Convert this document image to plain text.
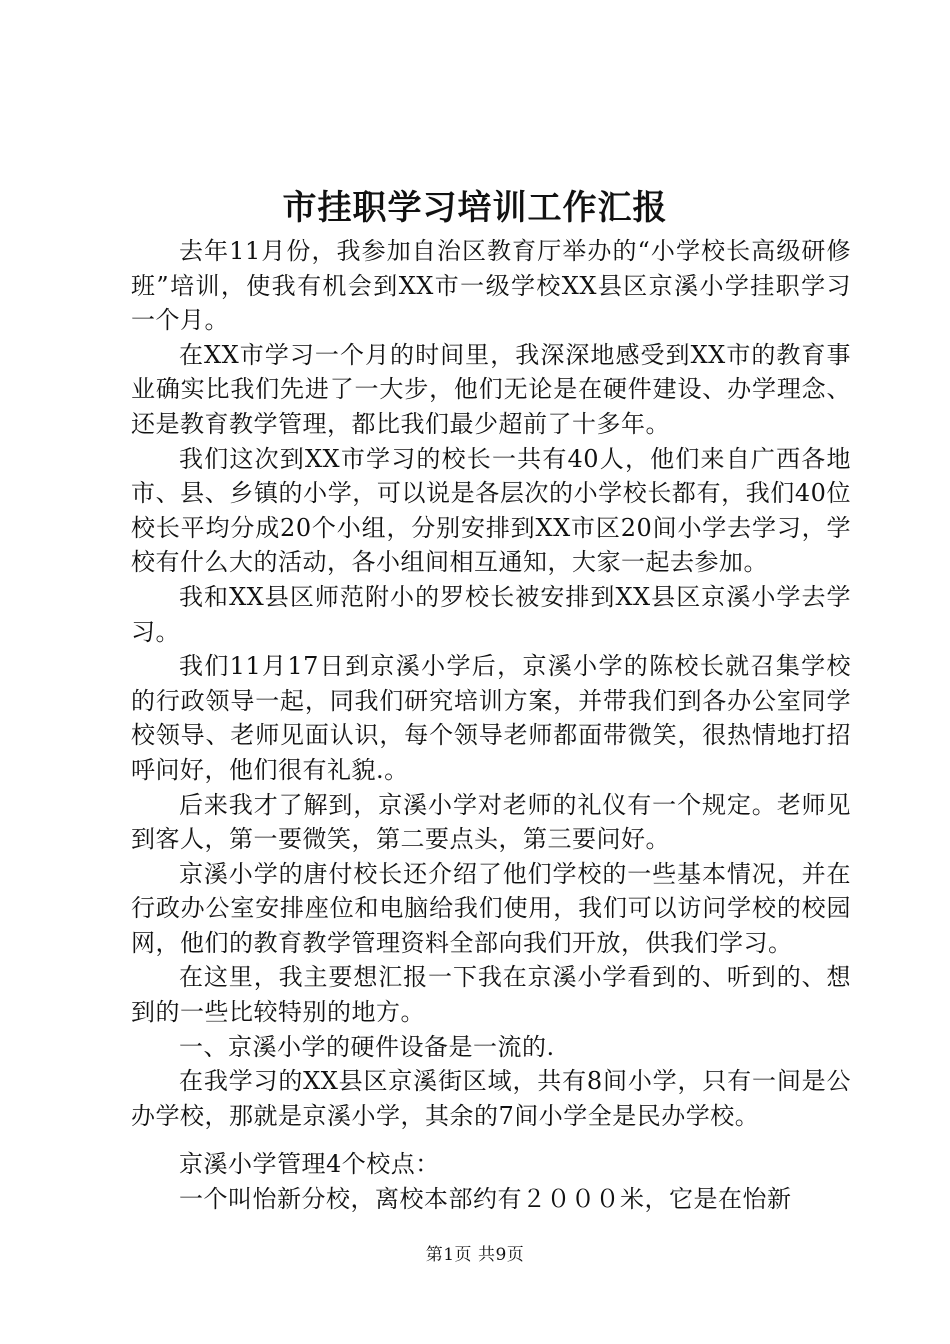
市挂职学习培训工作汇报

去年11月份，我参加自治区教育厅举办的“小学校长高级研修班”培训，使我有机会到XX市一级学校XX县区京溪小学挂职学习一个月。

在XX市学习一个月的时间里，我深深地感受到XX市的教育事业确实比我们先进了一大步，他们无论是在硬件建设、办学理念、还是教育教学管理，都比我们最少超前了十多年。

我们这次到XX市学习的校长一共有40人，他们来自广西各地市、县、乡镇的小学，可以说是各层次的小学校长都有，我们40位校长平均分成20个小组，分别安排到XX市区20间小学去学习，学校有什么大的活动，各小组间相互通知，大家一起去参加。

我和XX县区师范附小的罗校长被安排到XX县区京溪小学去学习。

我们11月17日到京溪小学后，京溪小学的陈校长就召集学校的行政领导一起，同我们研究培训方案，并带我们到各办公室同学校领导、老师见面认识，每个领导老师都面带微笑，很热情地打招呼问好，他们很有礼貌.。

后来我才了解到，京溪小学对老师的礼仪有一个规定。老师见到客人，第一要微笑，第二要点头，第三要问好。

京溪小学的唐付校长还介绍了他们学校的一些基本情况，并在行政办公室安排座位和电脑给我们使用，我们可以访问学校的校园网，他们的教育教学管理资料全部向我们开放，供我们学习。

在这里，我主要想汇报一下我在京溪小学看到的、听到的、想到的一些比较特别的地方。

一、京溪小学的硬件设备是一流的.

在我学习的XX县区京溪街区域，共有8间小学，只有一间是公办学校，那就是京溪小学，其余的7间小学全是民办学校。

京溪小学管理4个校点：

一个叫怡新分校，离校本部约有２０００米，它是在怡新

第1页 共9页
